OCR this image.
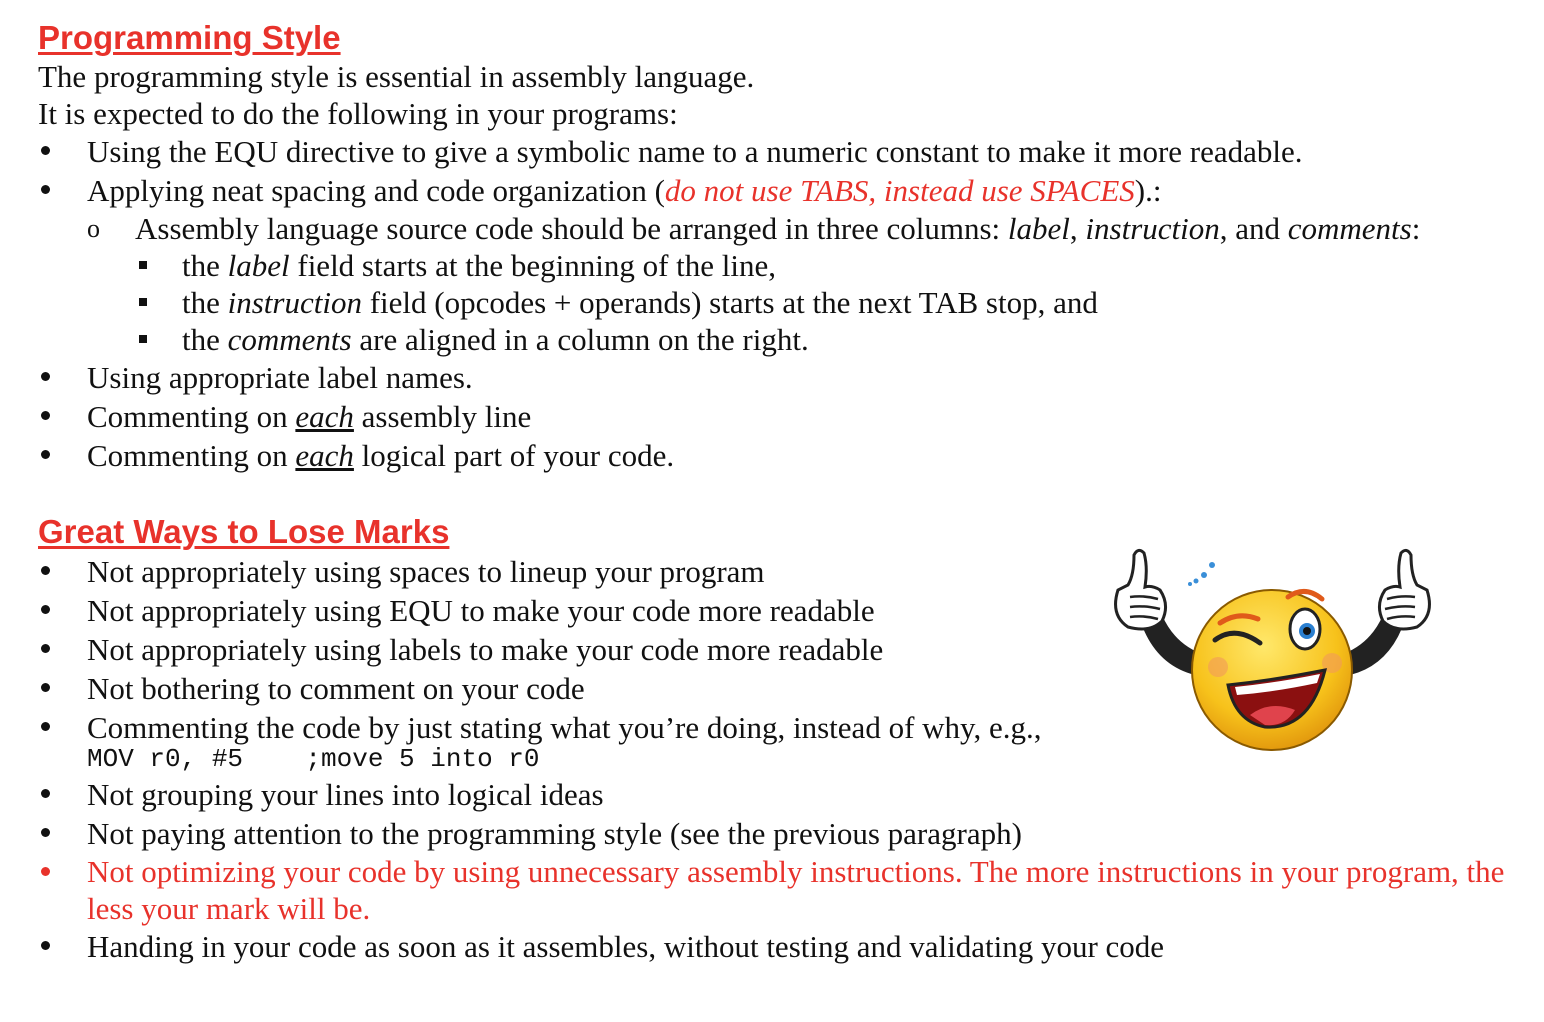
Programming Style

The programming style is essential in assembly language.

It is expected to do the following in your programs:

Using the EQU directive to give a symbolic name to a numeric constant to make it more readable.
Applying neat spacing and code organization (do not use TABS, instead use SPACES).:
o Assembly language source code should be arranged in three columns: label, instruction, and comments:
the label field starts at the beginning of the line,
the instruction field (opcodes + operands) starts at the next TAB stop, and
the comments are aligned in a column on the right.
Using appropriate label names.
Commenting on each assembly line
Commenting on each logical part of your code.
Great Ways to Lose Marks
Not appropriately using spaces to lineup your program
Not appropriately using EQU to make your code more readable
Not appropriately using labels to make your code more readable
Not bothering to comment on your code
Commenting the code by just stating what you’re doing, instead of why, e.g.,
MOV r0, #5    ;move 5 into r0
Not grouping your lines into logical ideas
Not paying attention to the programming style (see the previous paragraph)
Not optimizing your code by using unnecessary assembly instructions. The more instructions in your program, the less your mark will be.
Handing in your code as soon as it assembles, without testing and validating your code
